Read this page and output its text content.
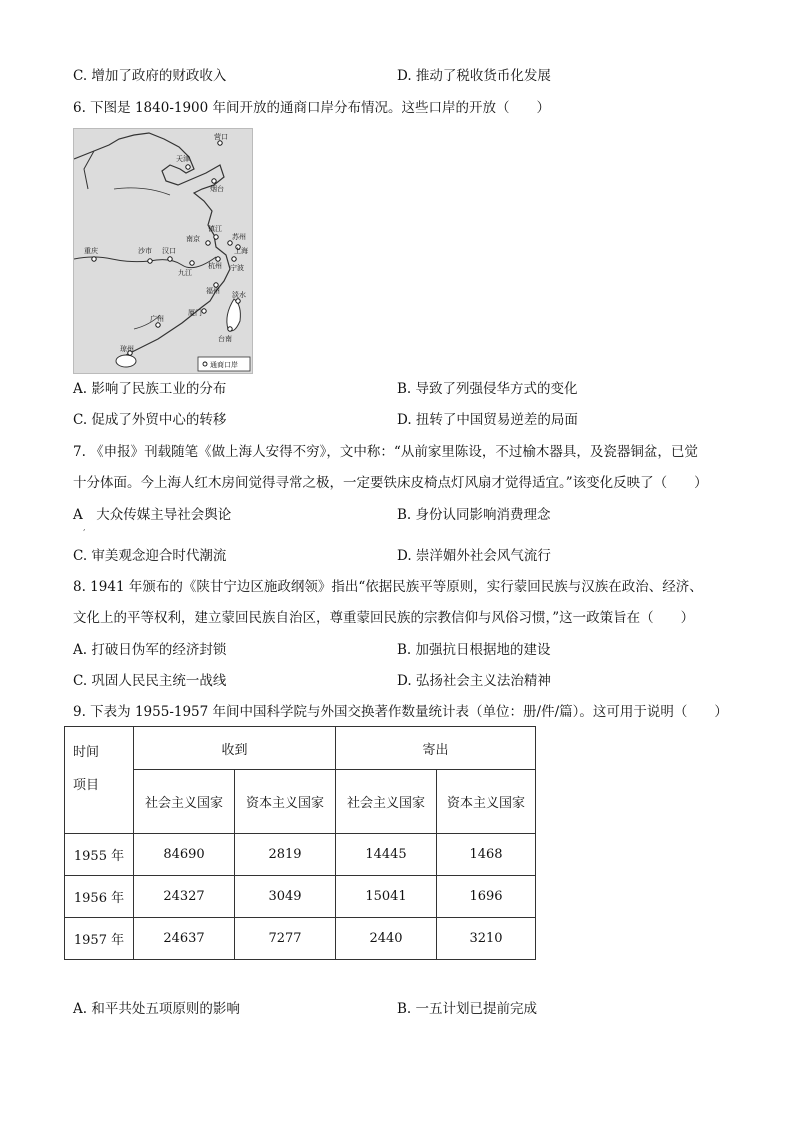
C. 增加了政府的财政收入	D. 推动了税收货币化发展
6. 下图是 1840-1900 年间开放的通商口岸分布情况。这些口岸的开放（　　）
营口
天津
烟台
镇江
南京	苏州
上海
宁波
杭州
九江
汉口
沙市
重庆
福州 淡水
厦门
台南
广州
琼州
通商口岸
A. 影响了民族工业的分布	B. 导致了列强侵华方式的变化
C. 促成了外贸中心的转移	D. 扭转了中国贸易逆差的局面
7. 《申报》刊载随笔《做上海人安得不穷》，文中称：“从前家里陈设，不过榆木器具，及瓷器铜盆，已觉
十分体面。今上海人红木房间觉得寻常之极，一定要铁床皮椅点灯风扇才觉得适宜。”该变化反映了（　　）
A　大众传媒主导社会舆论	B. 身份认同影响消费理念
,
C. 审美观念迎合时代潮流	D. 崇洋媚外社会风气流行
8. 1941 年颁布的《陕甘宁边区施政纲领》指出“依据民族平等原则，实行蒙回民族与汉族在政治、经济、
文化上的平等权利，建立蒙回民族自治区，尊重蒙回民族的宗教信仰与风俗习惯，”这一政策旨在（　　）
A. 打破日伪军的经济封锁	B. 加强抗日根据地的建设
C. 巩固人民民主统一战线	D. 弘扬社会主义法治精神
9. 下表为 1955-1957 年间中国科学院与外国交换著作数量统计表（单位：册/件/篇）。这可用于说明（　　）
时间
项目	收到		寄出	
	社会主义国家	资本主义国家	社会主义国家	资本主义国家
1955 年	84690	2819	14445	1468
1956 年	24327	3049	15041	1696
1957 年	24637	7277	2440	3210
A. 和平共处五项原则的影响	B. 一五计划已提前完成
